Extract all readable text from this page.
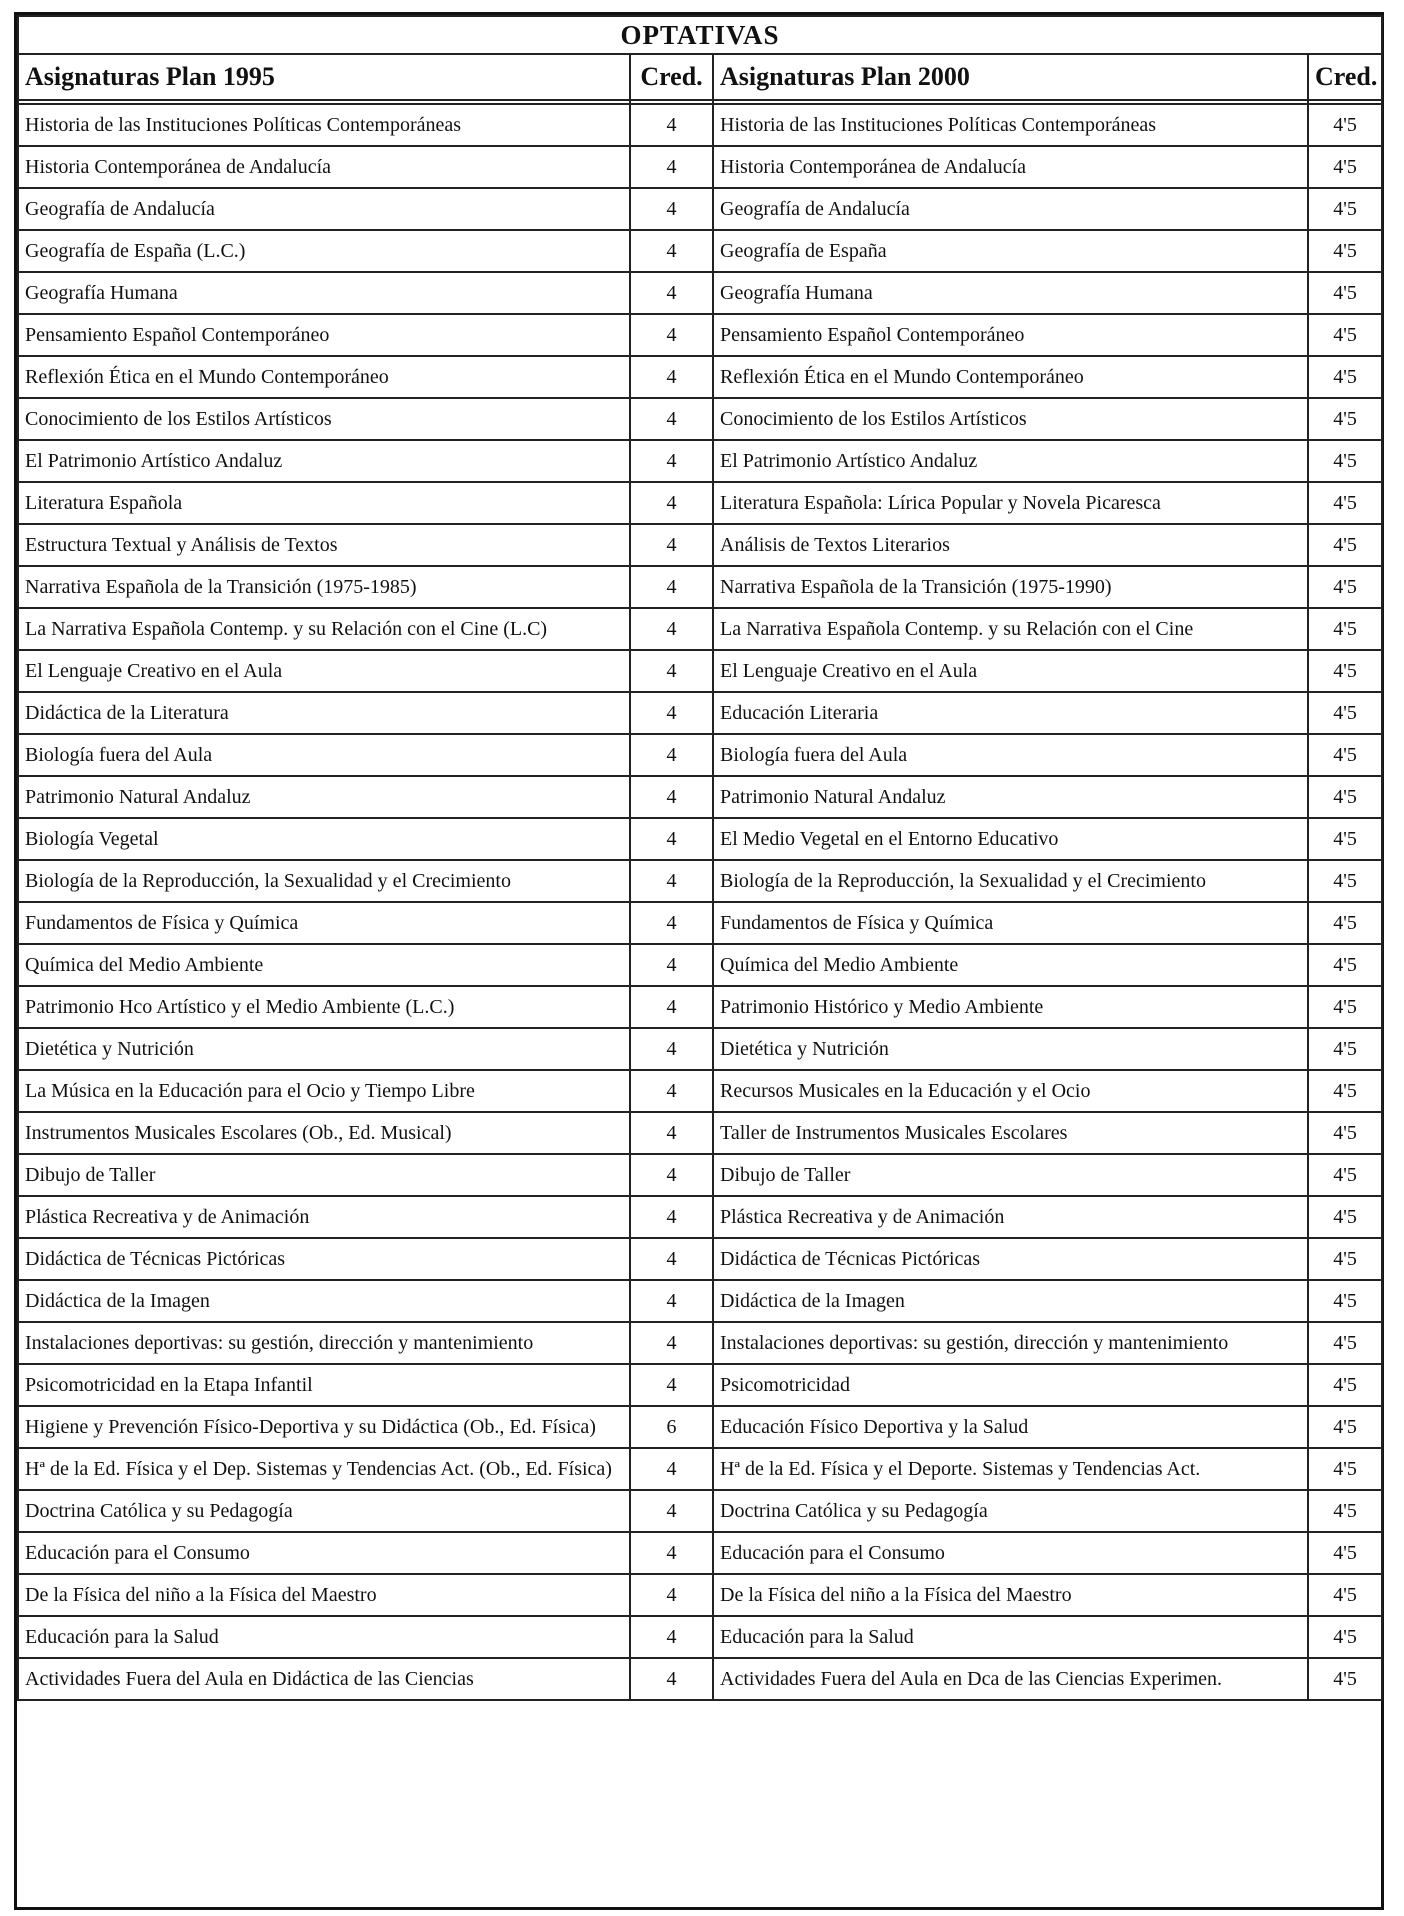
OPTATIVAS			
Asignaturas Plan 1995	Cred.	Asignaturas Plan 2000	Cred.

Historia de las Instituciones Políticas Contemporáneas	4	Historia de las Instituciones Políticas Contemporáneas	4'5
Historia Contemporánea de Andalucía	4	Historia Contemporánea de Andalucía	4'5
Geografía de Andalucía	4	Geografía de Andalucía	4'5
Geografía de España (L.C.)	4	Geografía de España	4'5
Geografía Humana	4	Geografía Humana	4'5
Pensamiento Español Contemporáneo	4	Pensamiento Español Contemporáneo	4'5
Reflexión Ética en el Mundo Contemporáneo	4	Reflexión Ética en el Mundo Contemporáneo	4'5
Conocimiento de los Estilos Artísticos	4	Conocimiento de los Estilos Artísticos	4'5
El Patrimonio Artístico Andaluz	4	El Patrimonio Artístico Andaluz	4'5
Literatura Española	4	Literatura Española: Lírica Popular y Novela Picaresca	4'5
Estructura Textual y Análisis de Textos	4	Análisis de Textos Literarios	4'5
Narrativa Española de la Transición (1975-1985)	4	Narrativa Española de la Transición (1975-1990)	4'5
La Narrativa Española Contemp. y su Relación con el Cine (L.C)	4	La Narrativa Española Contemp. y su Relación con el Cine	4'5
El Lenguaje Creativo en el Aula	4	El Lenguaje Creativo en el Aula	4'5
Didáctica de la Literatura	4	Educación Literaria	4'5
Biología fuera del Aula	4	Biología fuera del Aula	4'5
Patrimonio Natural Andaluz	4	Patrimonio Natural Andaluz	4'5
Biología Vegetal	4	El Medio Vegetal en el Entorno Educativo	4'5
Biología de la Reproducción, la Sexualidad y el Crecimiento	4	Biología de la Reproducción, la Sexualidad y el Crecimiento	4'5
Fundamentos de Física y Química	4	Fundamentos de Física y Química	4'5
Química del Medio Ambiente	4	Química del Medio Ambiente	4'5
Patrimonio Hco Artístico y el Medio Ambiente (L.C.)	4	Patrimonio Histórico y Medio Ambiente	4'5
Dietética y Nutrición	4	Dietética y Nutrición	4'5
La Música en la Educación para el Ocio y Tiempo Libre	4	Recursos Musicales en la Educación y el Ocio	4'5
Instrumentos Musicales Escolares (Ob., Ed. Musical)	4	Taller de Instrumentos Musicales Escolares	4'5
Dibujo de Taller	4	Dibujo de Taller	4'5
Plástica Recreativa y de Animación	4	Plástica Recreativa y de Animación	4'5
Didáctica de Técnicas Pictóricas	4	Didáctica de Técnicas Pictóricas	4'5
Didáctica de la Imagen	4	Didáctica de la Imagen	4'5
Instalaciones deportivas: su gestión, dirección y mantenimiento	4	Instalaciones deportivas: su gestión, dirección y mantenimiento	4'5
Psicomotricidad en la Etapa Infantil	4	Psicomotricidad	4'5
Higiene y Prevención Físico-Deportiva y su Didáctica (Ob., Ed. Física)	6	Educación Físico Deportiva y la Salud	4'5
Hª de la Ed. Física y el Dep. Sistemas y Tendencias Act. (Ob., Ed. Física)	4	Hª de la Ed. Física y el Deporte. Sistemas y Tendencias Act.	4'5
Doctrina Católica y su Pedagogía	4	Doctrina Católica y su Pedagogía	4'5
Educación para el Consumo	4	Educación para el Consumo	4'5
De la Física del niño a la Física del Maestro	4	De la Física del niño a la Física del Maestro	4'5
Educación para la Salud	4	Educación para la Salud	4'5
Actividades Fuera del Aula en Didáctica de las Ciencias	4	Actividades Fuera del Aula en Dca de las Ciencias Experimen.	4'5
